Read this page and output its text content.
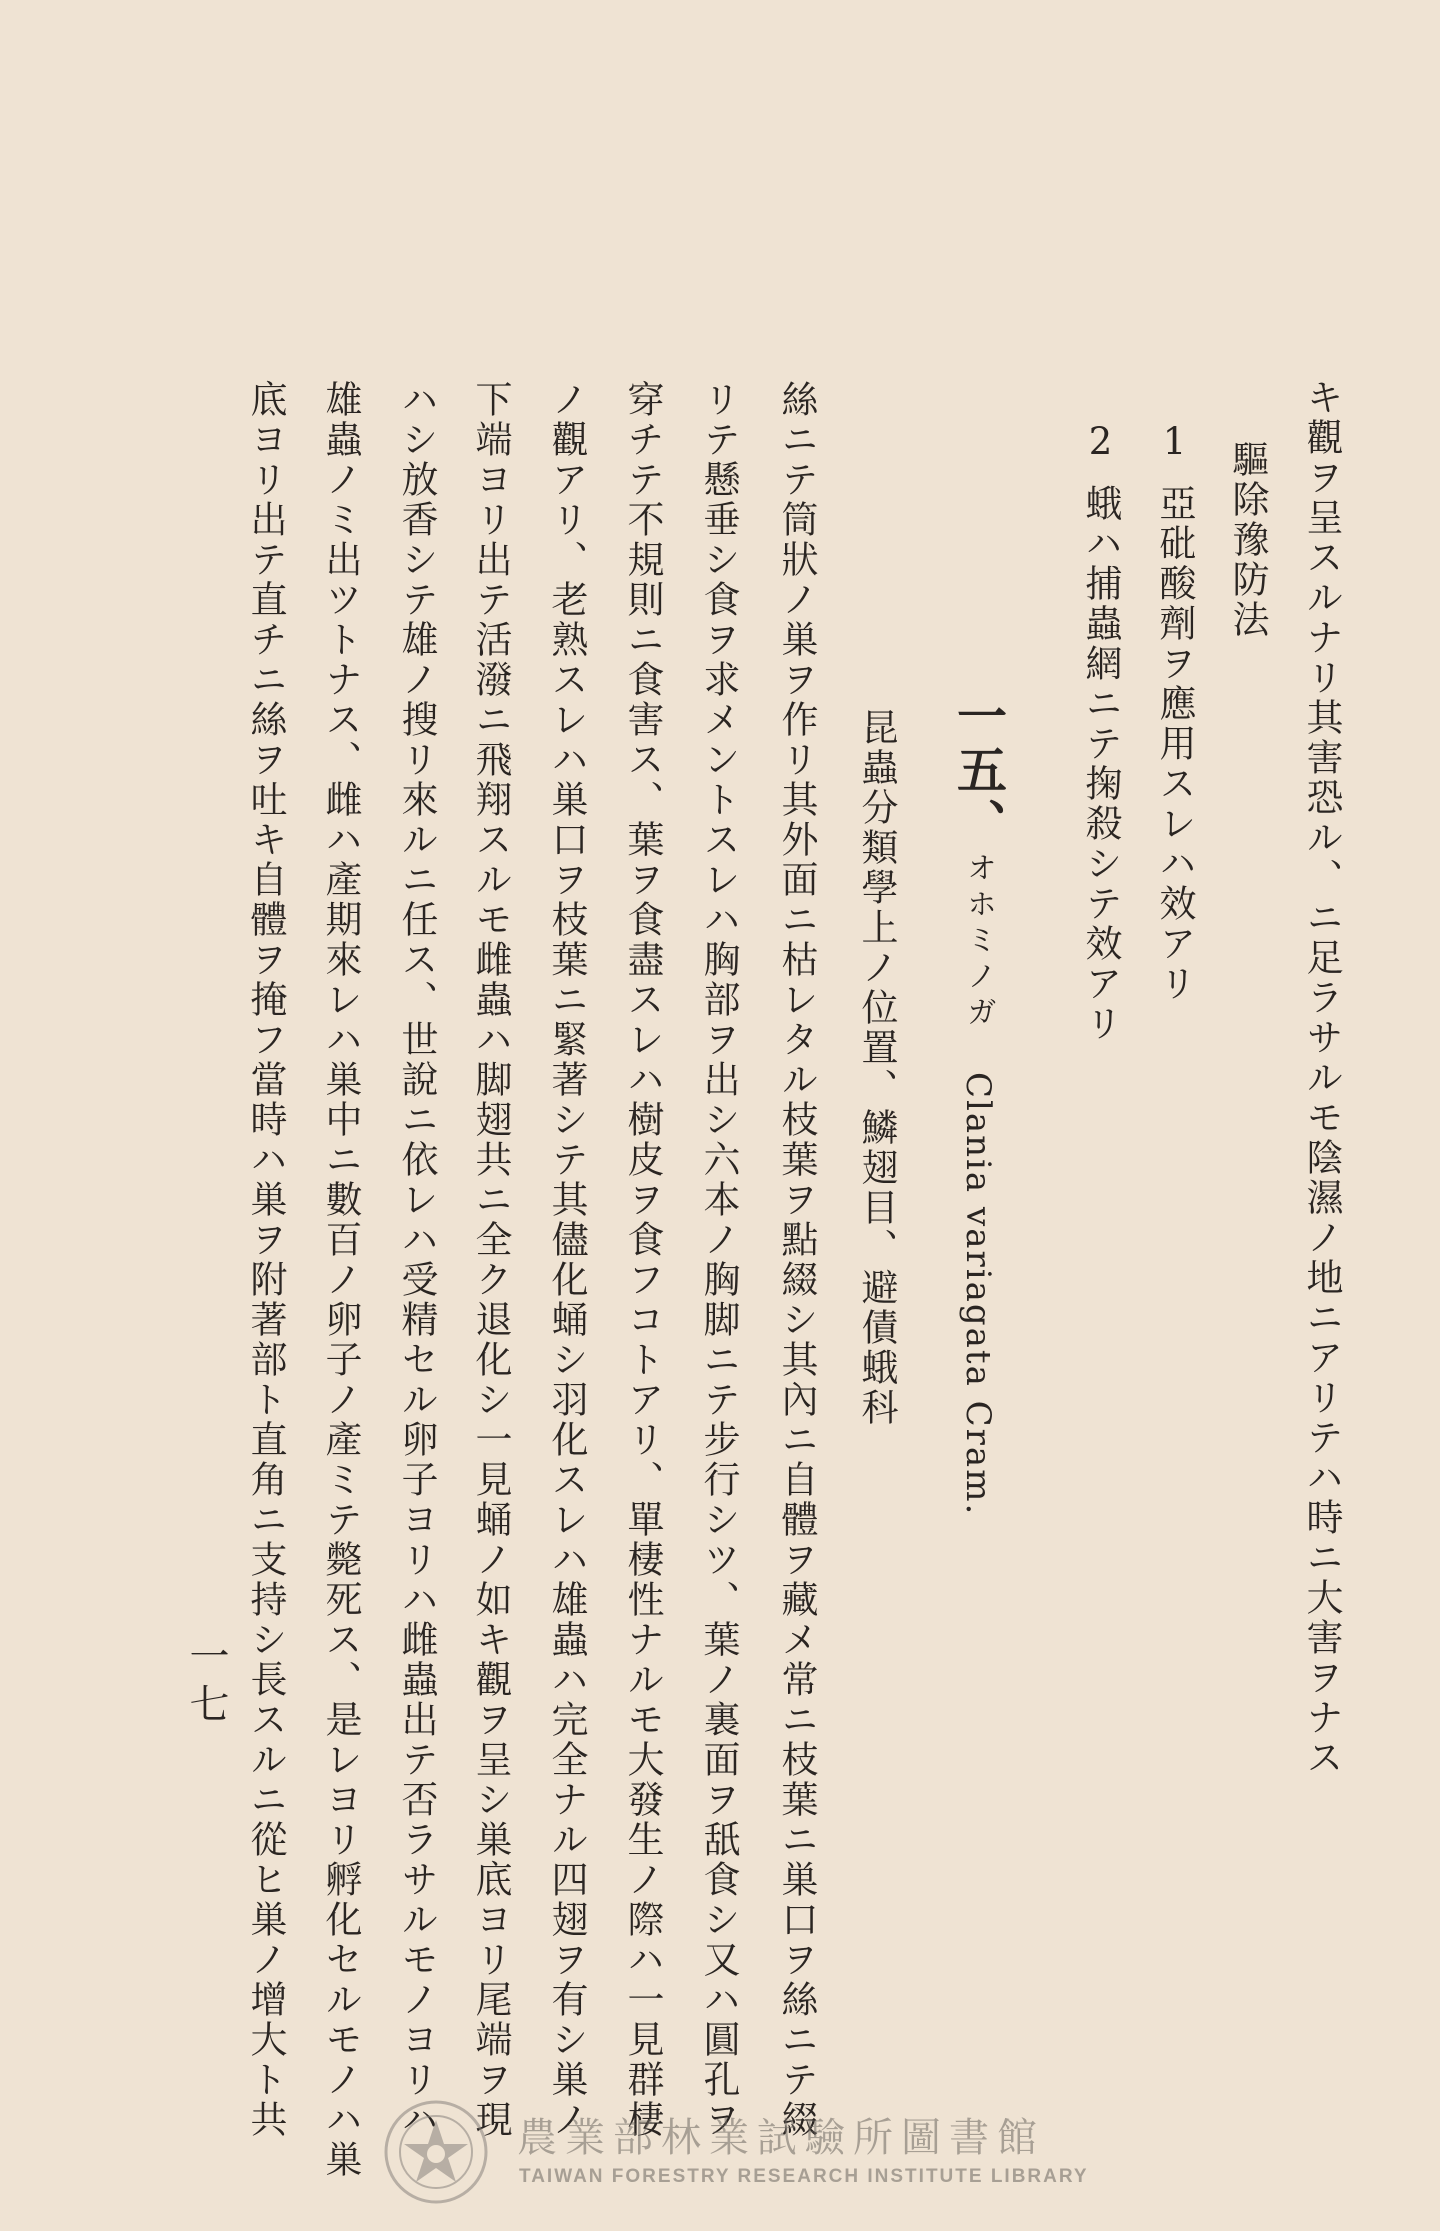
キ觀ヲ呈スルナリ其害恐ル、ニ足ラサルモ陰濕ノ地ニアリテハ時ニ大害ヲナス
驅除豫防法
1亞砒酸劑ヲ應用スレハ效アリ
2蛾ハ捕蟲網ニテ掬殺シテ效アリ
一五、オホミノガClania variagata Cram.
昆蟲分類學上ノ位置、鱗翅目、避債蛾科
絲ニテ筒狀ノ巣ヲ作リ其外面ニ枯レタル枝葉ヲ點綴シ其內ニ自體ヲ藏メ常ニ枝葉ニ巣口ヲ絲ニテ綴
リテ懸垂シ食ヲ求メントスレハ胸部ヲ出シ六本ノ胸脚ニテ步行シツ、葉ノ裏面ヲ舐食シ又ハ圓孔ヲ
穿チテ不規則ニ食害ス、葉ヲ食盡スレハ樹皮ヲ食フコトアリ、單棲性ナルモ大發生ノ際ハ一見群棲
ノ觀アリ、老熟スレハ巣口ヲ枝葉ニ緊著シテ其儘化蛹シ羽化スレハ雄蟲ハ完全ナル四翅ヲ有シ巣ノ
下端ヨリ出テ活潑ニ飛翔スルモ雌蟲ハ脚翅共ニ全ク退化シ一見蛹ノ如キ觀ヲ呈シ巣底ヨリ尾端ヲ現
ハシ放香シテ雄ノ搜リ來ルニ任ス、世說ニ依レハ受精セル卵子ヨリハ雌蟲出テ否ラサルモノヨリハ
雄蟲ノミ出ツトナス、雌ハ產期來レハ巣中ニ數百ノ卵子ノ產ミテ斃死ス、是レヨリ孵化セルモノハ巣
底ヨリ出テ直チニ絲ヲ吐キ自體ヲ掩フ當時ハ巣ヲ附著部ト直角ニ支持シ長スルニ從ヒ巣ノ增大ト共
一七
農業部林業試驗所圖書館
TAIWAN FORESTRY RESEARCH INSTITUTE LIBRARY
